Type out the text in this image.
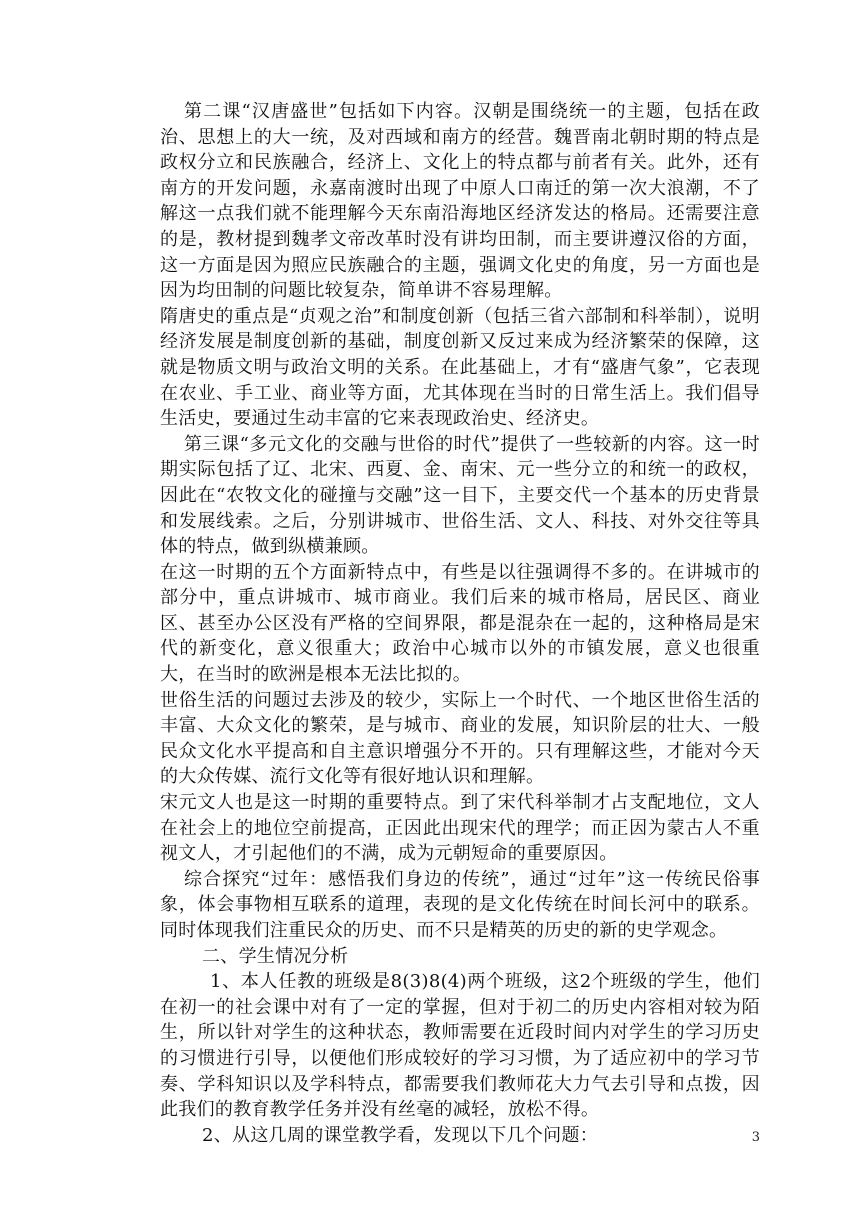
第二课“汉唐盛世”包括如下内容。汉朝是围绕统一的主题，包括在政治、思想上的大一统，及对西域和南方的经营。魏晋南北朝时期的特点是政权分立和民族融合，经济上、文化上的特点都与前者有关。此外，还有南方的开发问题，永嘉南渡时出现了中原人口南迁的第一次大浪潮，不了解这一点我们就不能理解今天东南沿海地区经济发达的格局。还需要注意的是，教材提到魏孝文帝改革时没有讲均田制，而主要讲遵汉俗的方面，这一方面是因为照应民族融合的主题，强调文化史的角度，另一方面也是因为均田制的问题比较复杂，简单讲不容易理解。

隋唐史的重点是“贞观之治”和制度创新（包括三省六部制和科举制），说明经济发展是制度创新的基础，制度创新又反过来成为经济繁荣的保障，这就是物质文明与政治文明的关系。在此基础上，才有“盛唐气象”，它表现在农业、手工业、商业等方面，尤其体现在当时的日常生活上。我们倡导生活史，要通过生动丰富的它来表现政治史、经济史。

第三课“多元文化的交融与世俗的时代”提供了一些较新的内容。这一时期实际包括了辽、北宋、西夏、金、南宋、元一些分立的和统一的政权，因此在“农牧文化的碰撞与交融”这一目下，主要交代一个基本的历史背景和发展线索。之后，分别讲城市、世俗生活、文人、科技、对外交往等具体的特点，做到纵横兼顾。

在这一时期的五个方面新特点中，有些是以往强调得不多的。在讲城市的部分中，重点讲城市、城市商业。我们后来的城市格局，居民区、商业区、甚至办公区没有严格的空间界限，都是混杂在一起的，这种格局是宋代的新变化，意义很重大；政治中心城市以外的市镇发展，意义也很重大，在当时的欧洲是根本无法比拟的。

世俗生活的问题过去涉及的较少，实际上一个时代、一个地区世俗生活的丰富、大众文化的繁荣，是与城市、商业的发展，知识阶层的壮大、一般民众文化水平提高和自主意识增强分不开的。只有理解这些，才能对今天的大众传媒、流行文化等有很好地认识和理解。

宋元文人也是这一时期的重要特点。到了宋代科举制才占支配地位，文人在社会上的地位空前提高，正因此出现宋代的理学；而正因为蒙古人不重视文人，才引起他们的不满，成为元朝短命的重要原因。

综合探究“过年：感悟我们身边的传统”，通过“过年”这一传统民俗事象，体会事物相互联系的道理，表现的是文化传统在时间长河中的联系。同时体现我们注重民众的历史、而不只是精英的历史的新的史学观念。

二、学生情况分析

1、本人任教的班级是8(3)8(4)两个班级，这2个班级的学生，他们在初一的社会课中对有了一定的掌握，但对于初二的历史内容相对较为陌生，所以针对学生的这种状态，教师需要在近段时间内对学生的学习历史的习惯进行引导，以便他们形成较好的学习习惯，为了适应初中的学习节奏、学科知识以及学科特点，都需要我们教师花大力气去引导和点拨，因此我们的教育教学任务并没有丝毫的减轻，放松不得。

2、从这几周的课堂教学看，发现以下几个问题：	3
